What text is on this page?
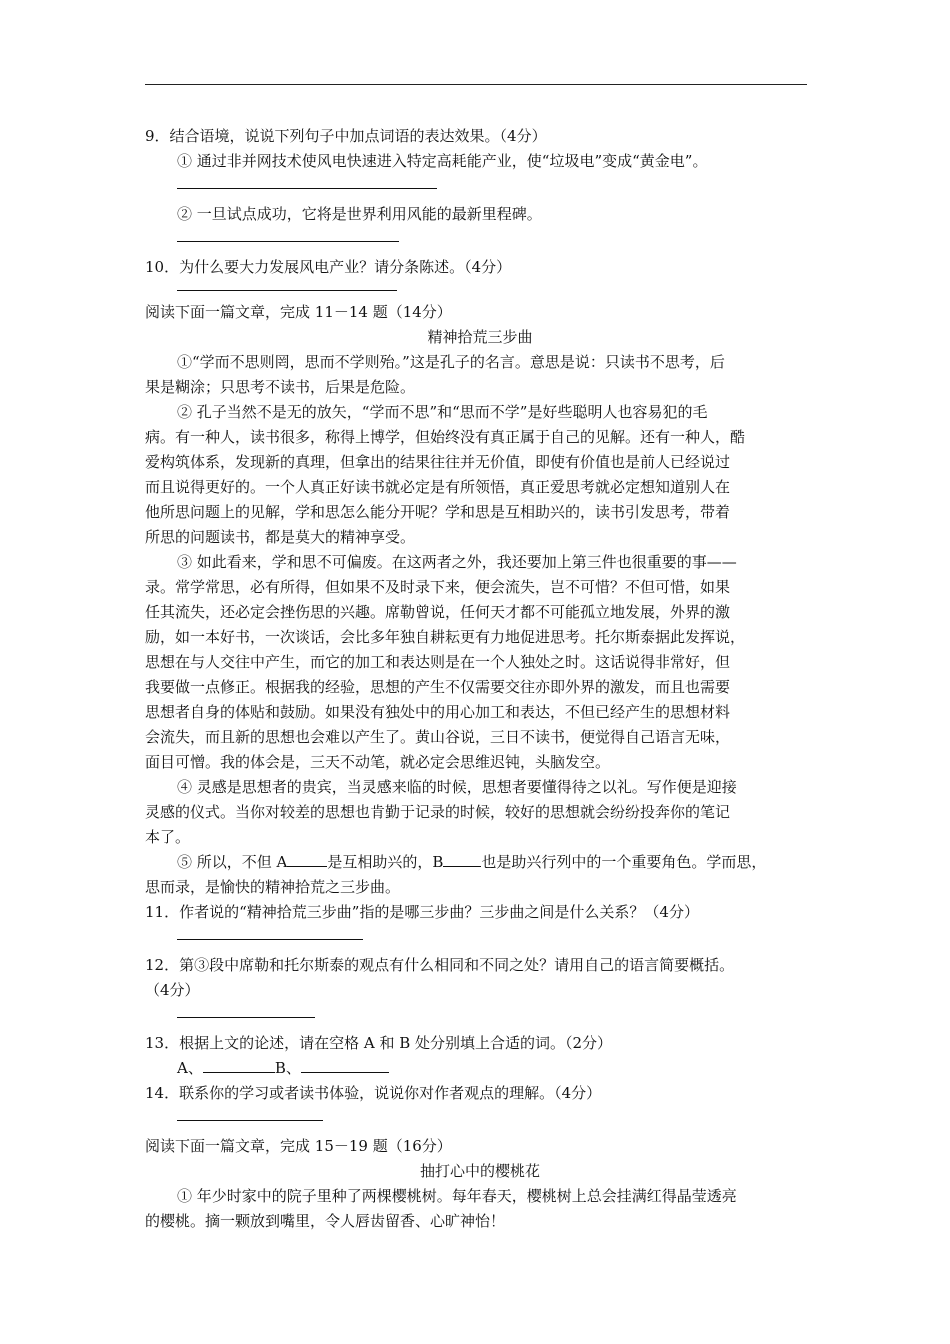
9．结合语境，说说下列句子中加点词语的表达效果。（4分）
① 通过非并网技术使风电快速进入特定高耗能产业，使“垃圾电”变成“黄金电”。
② 一旦试点成功，它将是世界利用风能的最新里程碑。
10．为什么要大力发展风电产业？请分条陈述。（4分）
阅读下面一篇文章，完成 11－14 题（14分）
精神拾荒三步曲
①“学而不思则罔，思而不学则殆。”这是孔子的名言。意思是说：只读书不思考，后
果是糊涂；只思考不读书，后果是危险。
② 孔子当然不是无的放矢，“学而不思”和“思而不学”是好些聪明人也容易犯的毛
病。有一种人，读书很多，称得上博学，但始终没有真正属于自己的见解。还有一种人，酷
爱构筑体系，发现新的真理，但拿出的结果往往并无价值，即使有价值也是前人已经说过
而且说得更好的。一个人真正好读书就必定是有所领悟，真正爱思考就必定想知道别人在
他所思问题上的见解，学和思怎么能分开呢？学和思是互相助兴的，读书引发思考，带着
所思的问题读书，都是莫大的精神享受。
③ 如此看来，学和思不可偏废。在这两者之外，我还要加上第三件也很重要的事——
录。常学常思，必有所得，但如果不及时录下来，便会流失，岂不可惜？不但可惜，如果
任其流失，还必定会挫伤思的兴趣。席勒曾说，任何天才都不可能孤立地发展，外界的激
励，如一本好书，一次谈话，会比多年独自耕耘更有力地促进思考。托尔斯泰据此发挥说，
思想在与人交往中产生，而它的加工和表达则是在一个人独处之时。这话说得非常好，但
我要做一点修正。根据我的经验，思想的产生不仅需要交往亦即外界的激发，而且也需要
思想者自身的体贴和鼓励。如果没有独处中的用心加工和表达，不但已经产生的思想材料
会流失，而且新的思想也会难以产生了。黄山谷说，三日不读书，便觉得自己语言无味，
面目可憎。我的体会是，三天不动笔，就必定会思维迟钝，头脑发空。
④ 灵感是思想者的贵宾，当灵感来临的时候，思想者要懂得待之以礼。写作便是迎接
灵感的仪式。当你对较差的思想也肯勤于记录的时候，较好的思想就会纷纷投奔你的笔记
本了。
⑤ 所以，不但 A	是互相助兴的，B	也是助兴行列中的一个重要角色。学而思，
思而录，是愉快的精神拾荒之三步曲。
11．作者说的“精神拾荒三步曲”指的是哪三步曲？三步曲之间是什么关系？（4分）
12．第③段中席勒和托尔斯泰的观点有什么相同和不同之处？请用自己的语言简要概括。
（4分）
13．根据上文的论述，请在空格 A 和 B 处分别填上合适的词。（2分）
A、	B、
14．联系你的学习或者读书体验，说说你对作者观点的理解。（4分）
阅读下面一篇文章，完成 15－19 题（16分）
抽打心中的樱桃花
① 年少时家中的院子里种了两棵樱桃树。每年春天，樱桃树上总会挂满红得晶莹透亮
的樱桃。摘一颗放到嘴里，令人唇齿留香、心旷神怡！
